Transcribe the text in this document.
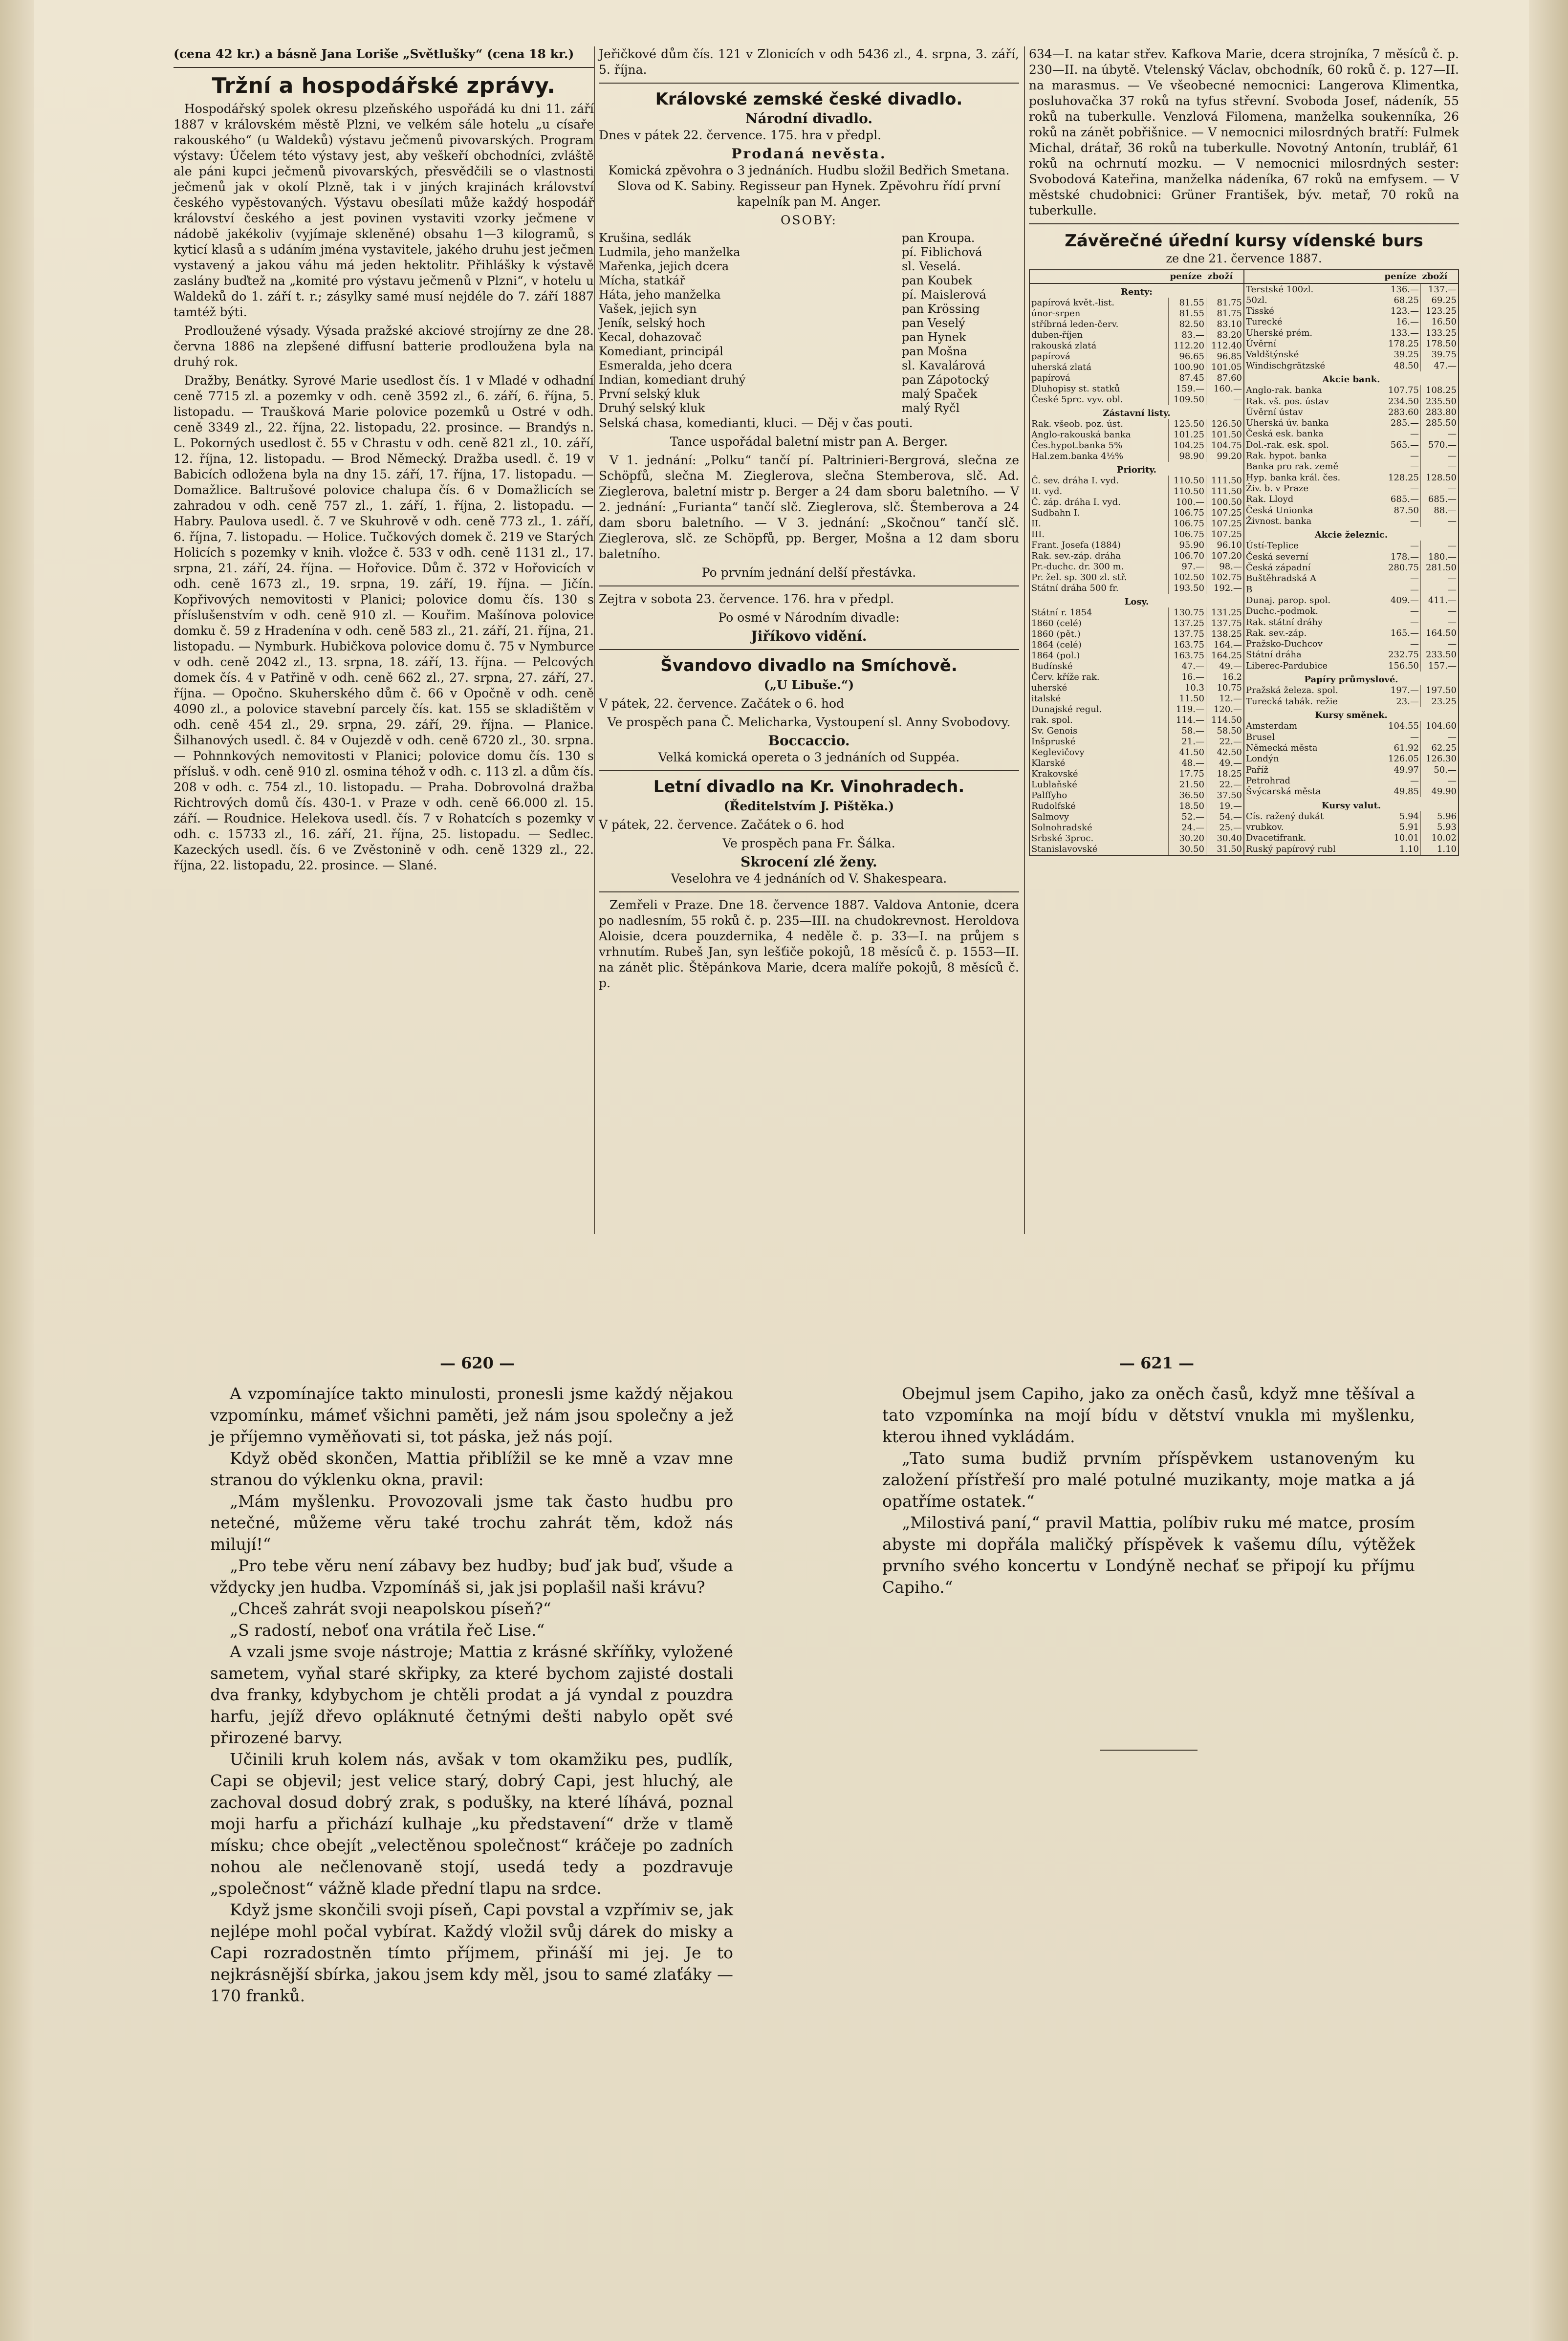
(cena 42 kr.) a básně Jana Loriše „Světlušky“ (cena 18 kr.)

Tržní a hospodářské zprávy.

Hospodářský spolek okresu plzeňského uspořádá ku dni 11. září 1887 v královském městě Plzni, ve velkém sále hotelu „u císaře rakouského“ (u Waldeků) výstavu ječmenů pivovarských. Program výstavy: Účelem této výstavy jest, aby veškeří obchodníci, zvláště ale páni kupci ječmenů pivovarských, přesvědčili se o vlastnosti ječmenů jak v okolí Plzně, tak i v jiných krajinách království českého vypěstovaných. Výstavu obesílati může každý hospodář království českého a jest povinen vystaviti vzorky ječmene v nádobě jakékoliv (vyjímaje skleněné) obsahu 1—3 kilogramů, s kyticí klasů a s udáním jména vystavitele, jakého druhu jest ječmen vystavený a jakou váhu má jeden hektolitr. Přihlášky k výstavě zaslány buďtež na „komité pro výstavu ječmenů v Plzni“, v hotelu u Waldeků do 1. září t. r.; zásylky samé musí nejdéle do 7. září 1887 tamtéž býti.

Prodloužené výsady. Výsada pražské akciové strojírny ze dne 28. června 1886 na zlepšené diffusní batterie prodloužena byla na druhý rok.

Dražby, Benátky. Syrové Marie usedlost čís. 1 v Mladé v odhadní ceně 7715 zl. a pozemky v odh. ceně 3592 zl., 6. září, 6. října, 5. listopadu. — Traušková Marie polovice pozemků u Ostré v odh. ceně 3349 zl., 22. října, 22. listopadu, 22. prosince. — Brandýs n. L. Pokorných usedlost č. 55 v Chrastu v odh. ceně 821 zl., 10. září, 12. října, 12. listopadu. — Brod Německý. Dražba usedl. č. 19 v Babicích odložena byla na dny 15. září, 17. října, 17. listopadu. — Domažlice. Baltrušové polovice chalupa čís. 6 v Domažlicích se zahradou v odh. ceně 757 zl., 1. září, 1. října, 2. listopadu. — Habry. Paulova usedl. č. 7 ve Skuhrově v odh. ceně 773 zl., 1. září, 6. října, 7. listopadu. — Holice. Tučkových domek č. 219 ve Starých Holicích s pozemky v knih. vložce č. 533 v odh. ceně 1131 zl., 17. srpna, 21. září, 24. října. — Hořovice. Dům č. 372 v Hořovicích v odh. ceně 1673 zl., 19. srpna, 19. září, 19. října. — Jičín. Kopřivových nemovitosti v Planici; polovice domu čís. 130 s příslušenstvím v odh. ceně 910 zl. — Kouřim. Mašínova polovice domku č. 59 z Hradenína v odh. ceně 583 zl., 21. září, 21. října, 21. listopadu. — Nymburk. Hubičkova polovice domu č. 75 v Nymburce v odh. ceně 2042 zl., 13. srpna, 18. září, 13. října. — Pelcových domek čís. 4 v Patřině v odh. ceně 662 zl., 27. srpna, 27. září, 27. října. — Opočno. Skuherského dům č. 66 v Opočně v odh. ceně 4090 zl., a polovice stavební parcely čís. kat. 155 se skladištěm v odh. ceně 454 zl., 29. srpna, 29. září, 29. října. — Planice. Šilhanových usedl. č. 84 v Oujezdě v odh. ceně 6720 zl., 30. srpna. — Pohnnkových nemovitosti v Planici; polovice domu čís. 130 s přísluš. v odh. ceně 910 zl. osmina téhož v odh. c. 113 zl. a dům čís. 208 v odh. c. 754 zl., 10. listopadu. — Praha. Dobrovolná dražba Richtrových domů čís. 430-1. v Praze v odh. ceně 66.000 zl. 15. září. — Roudnice. Helekova usedl. čís. 7 v Rohatcích s pozemky v odh. c. 15733 zl., 16. září, 21. října, 25. listopadu. — Sedlec. Kazeckých usedl. čís. 6 ve Zvěstonině v odh. ceně 1329 zl., 22. října, 22. listopadu, 22. prosince. — Slané.

Jeřičkové dům čís. 121 v Zlonicích v odh 5436 zl., 4. srpna, 3. září, 5. října.

Královské zemské české divadlo.
Národní divadlo.

Dnes v pátek 22. července. 175. hra v předpl.

Prodaná nevěsta.

Komická zpěvohra o 3 jednáních. Hudbu složil Bedřich Smetana. Slova od K. Sabiny. Regisseur pan Hynek. Zpěvohru řídí první kapelník pan M. Anger.

OSOBY:

Krušina, sedlák	pan Kroupa.
Ludmila, jeho manželka	pí. Fiblichová
Mařenka, jejich dcera	sl. Veselá.
Mícha, statkář	pan Koubek
Háta, jeho manželka	pí. Maislerová
Vašek, jejich syn	pan Krössing
Jeník, selský hoch	pan Veselý
Kecal, dohazovač	pan Hynek
Komediant, principál	pan Mošna
Esmeralda, jeho dcera	sl. Kavalárová
Indian, komediant druhý	pan Zápotocký
První selský kluk	malý Spaček
Druhý selský kluk	malý Ryčl

Selská chasa, komedianti, kluci. — Děj v čas pouti.

Tance uspořádal baletní mistr pan A. Berger.

V 1. jednání: „Polku“ tančí pí. Paltrinieri-Bergrová, slečna ze Schöpfů, slečna M. Zieglerova, slečna Stemberova, slč. Ad. Zieglerova, baletní mistr p. Berger a 24 dam sboru baletního. — V 2. jednání: „Furianta“ tančí slč. Zieglerova, slč. Štemberova a 24 dam sboru baletního. — V 3. jednání: „Skočnou“ tančí slč. Zieglerova, slč. ze Schöpfů, pp. Berger, Mošna a 12 dam sboru baletního.

Po prvním jednání delší přestávka.

Zejtra v sobota 23. července. 176. hra v předpl.

Po osmé v Národním divadle:

Jiříkovo vidění.
Švandovo divadlo na Smíchově.

(„U Libuše.“)

V pátek, 22. července. Začátek o 6. hod

Ve prospěch pana Č. Melicharka, Vystoupení sl. Anny Svobodovy.

Boccaccio.

Velká komická opereta o 3 jednáních od Suppéa.

Letní divadlo na Kr. Vinohradech.

(Ředitelstvím J. Pištěka.)

V pátek, 22. července. Začátek o 6. hod

Ve prospěch pana Fr. Šálka.

Skrocení zlé ženy.

Veselohra ve 4 jednáních od V. Shakespeara.

Zemřeli v Praze. Dne 18. července 1887. Valdova Antonie, dcera po nadlesním, 55 roků č. p. 235—III. na chudokrevnost. Heroldova Aloisie, dcera pouzdernika, 4 neděle č. p. 33—I. na průjem s vrhnutím. Rubeš Jan, syn lešťiče pokojů, 18 měsíců č. p. 1553—II. na zánět plic. Štěpánkova Marie, dcera malíře pokojů, 8 měsíců č. p.

634—I. na katar střev. Kafkova Marie, dcera strojníka, 7 měsíců č. p. 230—II. na úbytě. Vtelenský Václav, obchodník, 60 roků č. p. 127—II. na marasmus. — Ve všeobecné nemocnici: Langerova Klimentka, posluhovačka 37 roků na tyfus střevní. Svoboda Josef, nádeník, 55 roků na tuberkulle. Venzlová Filomena, manželka soukenníka, 26 roků na zánět pobřišnice. — V nemocnici milosrdných bratří: Fulmek Michal, drátař, 36 roků na tuberkulle. Novotný Antonín, trublář, 61 roků na ochrnutí mozku. — V nemocnici milosrdných sester: Svobodová Kateřina, manželka nádeníka, 67 roků na emfysem. — V městské chudobnici: Grüner František, býv. metař, 70 roků na tuberkulle.

Závěrečné úřední kursy vídenské burs
ze dne 21. července 1887.
	peníze	zboží
Renty:		
papírová květ.-list.	81.55	81.75
únor-srpen	81.55	81.75
stříbrná leden-červ.	82.50	83.10
duben-říjen	83.—	83.20
rakouská zlatá	112.20	112.40
papírová	96.65	96.85
uherská zlatá	100.90	101.05
papírová	87.45	87.60
Dluhopisy st. statků	159.—	160.—
České 5prc. vyv. obl.	109.50	—
Zástavní listy.		
Rak. všeob. poz. úst.	125.50	126.50
Anglo-rakouská banka	101.25	101.50
Čes.hypot.banka 5%	104.25	104.75
Hal.zem.banka 4½%	98.90	99.20
Priority.		
Č. sev. dráha I. vyd.	110.50	111.50
II. vyd.	110.50	111.50
Č. záp. dráha I. vyd.	100.—	100.50
Sudbahn I.	106.75	107.25
II.	106.75	107.25
III.	106.75	107.25
Frant. Josefa (1884)	95.90	96.10
Rak. sev.-záp. dráha	106.70	107.20
Pr.-duchc. dr. 300 m.	97.—	98.—
Pr. žel. sp. 300 zl. stř.	102.50	102.75
Státní dráha 500 fr.	193.50	192.—
Losy.		
Státní r. 1854	130.75	131.25
1860 (celé)	137.25	137.75
1860 (pět.)	137.75	138.25
1864 (celé)	163.75	164.—
1864 (pol.)	163.75	164.25
Budínské	47.—	49.—
Červ. kříže rak.	16.—	16.2
uherské	10.3	10.75
italské	11.50	12.—
Dunajské regul.	119.—	120.—
rak. spol.	114.—	114.50
Sv. Genois	58.—	58.50
Inšpruské	21.—	22.—
Keglevičovy	41.50	42.50
Klarské	48.—	49.—
Krakovské	17.75	18.25
Lublaňské	21.50	22.—
Palffyho	36.50	37.50
Rudolfské	18.50	19.—
Salmovy	52.—	54.—
Solnohradské	24.—	25.—
Srbské 3proc.	30.20	30.40
Stanislavovské	30.50	31.50
	peníze	zboží
Terstské 100zl.	136.—	137.—
50zl.	68.25	69.25
Tisské	123.—	123.25
Turecké	16.—	16.50
Uherské prém.	133.—	133.25
Úvěrní	178.25	178.50
Valdštýnské	39.25	39.75
Windischgrätzské	48.50	47.—
Akcie bank.		
Anglo-rak. banka	107.75	108.25
Rak. vš. pos. ústav	234.50	235.50
Úvěrní ústav	283.60	283.80
Uherská úv. banka	285.—	285.50
Česká esk. banka	—	—
Dol.-rak. esk. spol.	565.—	570.—
Rak. hypot. banka	—	—
Banka pro rak. země	—	—
Hyp. banka král. čes.	128.25	128.50
Živ. b. v Praze	—	—
Rak. Lloyd	685.—	685.—
Česká Unionka	87.50	88.—
Živnost. banka	—	—
Akcie železnic.		
Ústí-Teplice	—	—
Česká severní	178.—	180.—
Česká západní	280.75	281.50
Buštěhradská A	—	—
B	—	—
Dunaj. parop. spol.	409.—	411.—
Duchc.-podmok.	—	—
Rak. státní dráhy	—	—
Rak. sev.-záp.	165.—	164.50
Pražsko-Duchcov	—	—
Státní dráha	232.75	233.50
Liberec-Pardubice	156.50	157.—
Papíry průmyslové.		
Pražská železa. spol.	197.—	197.50
Turecká tabák. režie	23.—	23.25
Kursy směnek.		
Amsterdam	104.55	104.60
Brusel	—	—
Německá města	61.92	62.25
Londýn	126.05	126.30
Paříž	49.97	50.—
Petrohrad	—	—
Švýcarská města	49.85	49.90
Kursy valut.		
Cís. ražený dukát	5.94	5.96
vrubkov.	5.91	5.93
Dvacetifrank.	10.01	10.02
Ruský papírový rubl	1.10	1.10
— 620 —	— 621 —

A vzpomínajíce takto minulosti, pronesli jsme každý nějakou vzpomínku, mámeť všichni paměti, jež nám jsou společny a jež je příjemno vyměňovati si, tot páska, jež nás pojí.

Když oběd skončen, Mattia přiblížil se ke mně a vzav mne stranou do výklenku okna, pravil:

„Mám myšlenku. Provozovali jsme tak často hudbu pro netečné, můžeme věru také trochu zahrát těm, kdož nás milují!“

„Pro tebe věru není zábavy bez hudby; buď jak buď, všude a vždycky jen hudba. Vzpomínáš si, jak jsi poplašil naši krávu?

„Chceš zahrát svoji neapolskou píseň?“

„S radostí, neboť ona vrátila řeč Lise.“

A vzali jsme svoje nástroje; Mattia z krásné skříňky, vyložené sametem, vyňal staré skřipky, za které bychom zajisté dostali dva franky, kdybychom je chtěli prodat a já vyndal z pouzdra harfu, jejíž dřevo opláknuté četnými dešti nabylo opět své přirozené barvy.

Učinili kruh kolem nás, avšak v tom okamžiku pes, pudlík, Capi se objevil; jest velice starý, dobrý Capi, jest hluchý, ale zachoval dosud dobrý zrak, s podušky, na které líhává, poznal moji harfu a přichází kulhaje „ku představení“ drže v tlamě mísku; chce obejít „velectěnou společnost“ kráčeje po zadních nohou ale nečlenovaně stojí, usedá tedy a pozdravuje „společnost“ vážně klade přední tlapu na srdce.

Když jsme skončili svoji píseň, Capi povstal a vzpřímiv se, jak nejlépe mohl počal vybírat. Každý vložil svůj dárek do misky a Capi rozradostněn tímto příjmem, přináší mi jej. Je to nejkrásnější sbírka, jakou jsem kdy měl, jsou to samé zlaťáky — 170 franků.

Obejmul jsem Capiho, jako za oněch časů, když mne těšíval a tato vzpomínka na mojí bídu v dětství vnukla mi myšlenku, kterou ihned vykládám.

„Tato suma budiž prvním příspěvkem ustanoveným ku založení přístřeší pro malé potulné muzikanty, moje matka a já opatříme ostatek.“

„Milostivá paní,“ pravil Mattia, políbiv ruku mé matce, prosím abyste mi dopřála maličký příspěvek k vašemu dílu, výtěžek prvního svého koncertu v Londýně nechať se připojí ku příjmu Capiho.“
